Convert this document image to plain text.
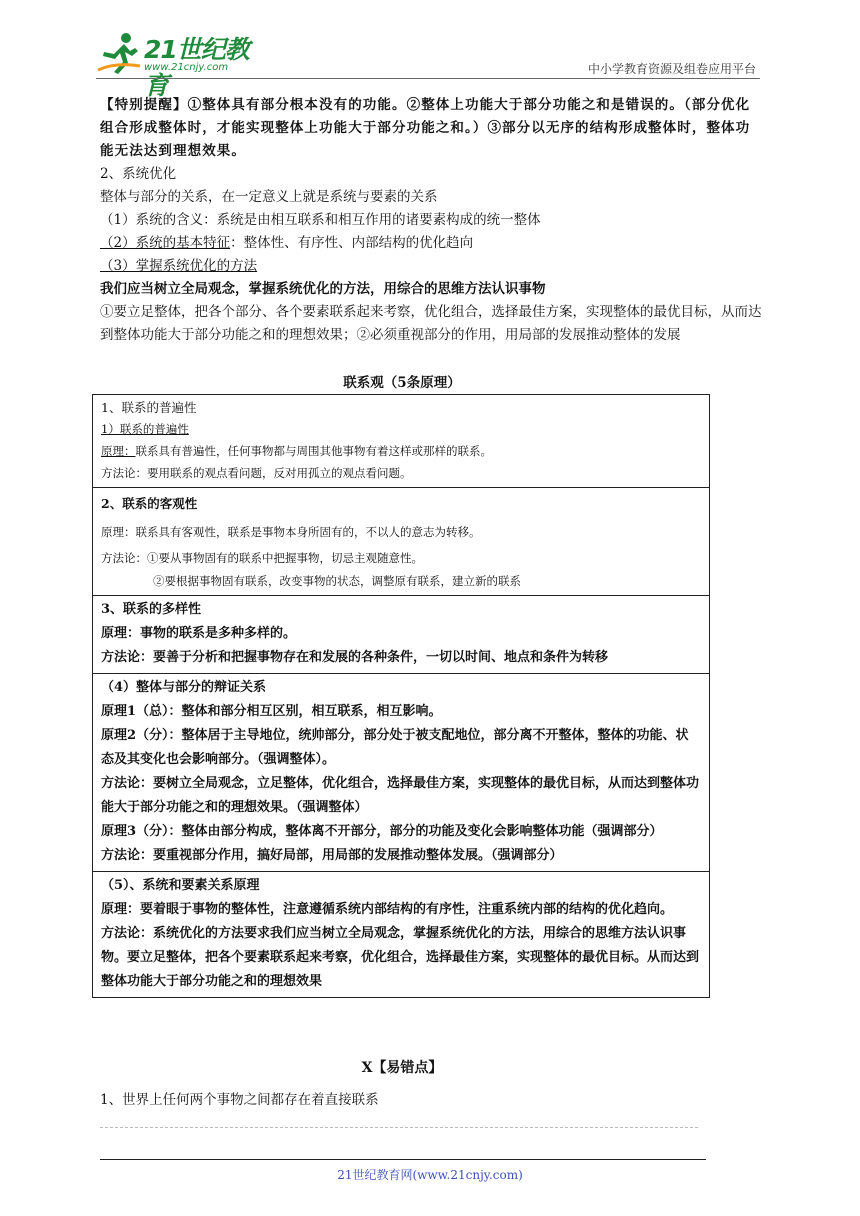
21世纪教育
www.21cnjy.com	中小学教育资源及组卷应用平台

【特别提醒】①整体具有部分根本没有的功能。②整体上功能大于部分功能之和是错误的。（部分优化组合形成整体时，才能实现整体上功能大于部分功能之和。）③部分以无序的结构形成整体时，整体功能无法达到理想效果。

2、系统优化

整体与部分的关系，在一定意义上就是系统与要素的关系

（1）系统的含义：系统是由相互联系和相互作用的诸要素构成的统一整体

（2）系统的基本特征：整体性、有序性、内部结构的优化趋向

（3）掌握系统优化的方法

我们应当树立全局观念，掌握系统优化的方法，用综合的思维方法认识事物

①要立足整体，把各个部分、各个要素联系起来考察，优化组合，选择最佳方案，实现整体的最优目标，从而达到整体功能大于部分功能之和的理想效果；②必须重视部分的作用，用局部的发展推动整体的发展

联系观（5条原理）

1、联系的普遍性

1）联系的普遍性

原理：联系具有普遍性，任何事物都与周围其他事物有着这样或那样的联系。

方法论：要用联系的观点看问题，反对用孤立的观点看问题。

2、联系的客观性

原理：联系具有客观性，联系是事物本身所固有的，不以人的意志为转移。

方法论：①要从事物固有的联系中把握事物，切忌主观随意性。

②要根据事物固有联系，改变事物的状态，调整原有联系，建立新的联系

3、联系的多样性

原理：事物的联系是多种多样的。

方法论：要善于分析和把握事物存在和发展的各种条件，一切以时间、地点和条件为转移

（4）整体与部分的辩证关系

原理1（总）：整体和部分相互区别，相互联系，相互影响。

原理2（分）：整体居于主导地位，统帅部分，部分处于被支配地位，部分离不开整体，整体的功能、状态及其变化也会影响部分。（强调整体）。

方法论：要树立全局观念，立足整体，优化组合，选择最佳方案，实现整体的最优目标，从而达到整体功能大于部分功能之和的理想效果。（强调整体）

原理3（分）：整体由部分构成，整体离不开部分，部分的功能及变化会影响整体功能（强调部分）

方法论：要重视部分作用，搞好局部，用局部的发展推动整体发展。（强调部分）

（5）、系统和要素关系原理

原理：要着眼于事物的整体性，注意遵循系统内部结构的有序性，注重系统内部的结构的优化趋向。

方法论：系统优化的方法要求我们应当树立全局观念，掌握系统优化的方法，用综合的思维方法认识事物。要立足整体，把各个要素联系起来考察，优化组合，选择最佳方案，实现整体的最优目标。从而达到整体功能大于部分功能之和的理想效果

Ⅹ【易错点】
1、世界上任何两个事物之间都存在着直接联系
21世纪教育网(www.21cnjy.com)
